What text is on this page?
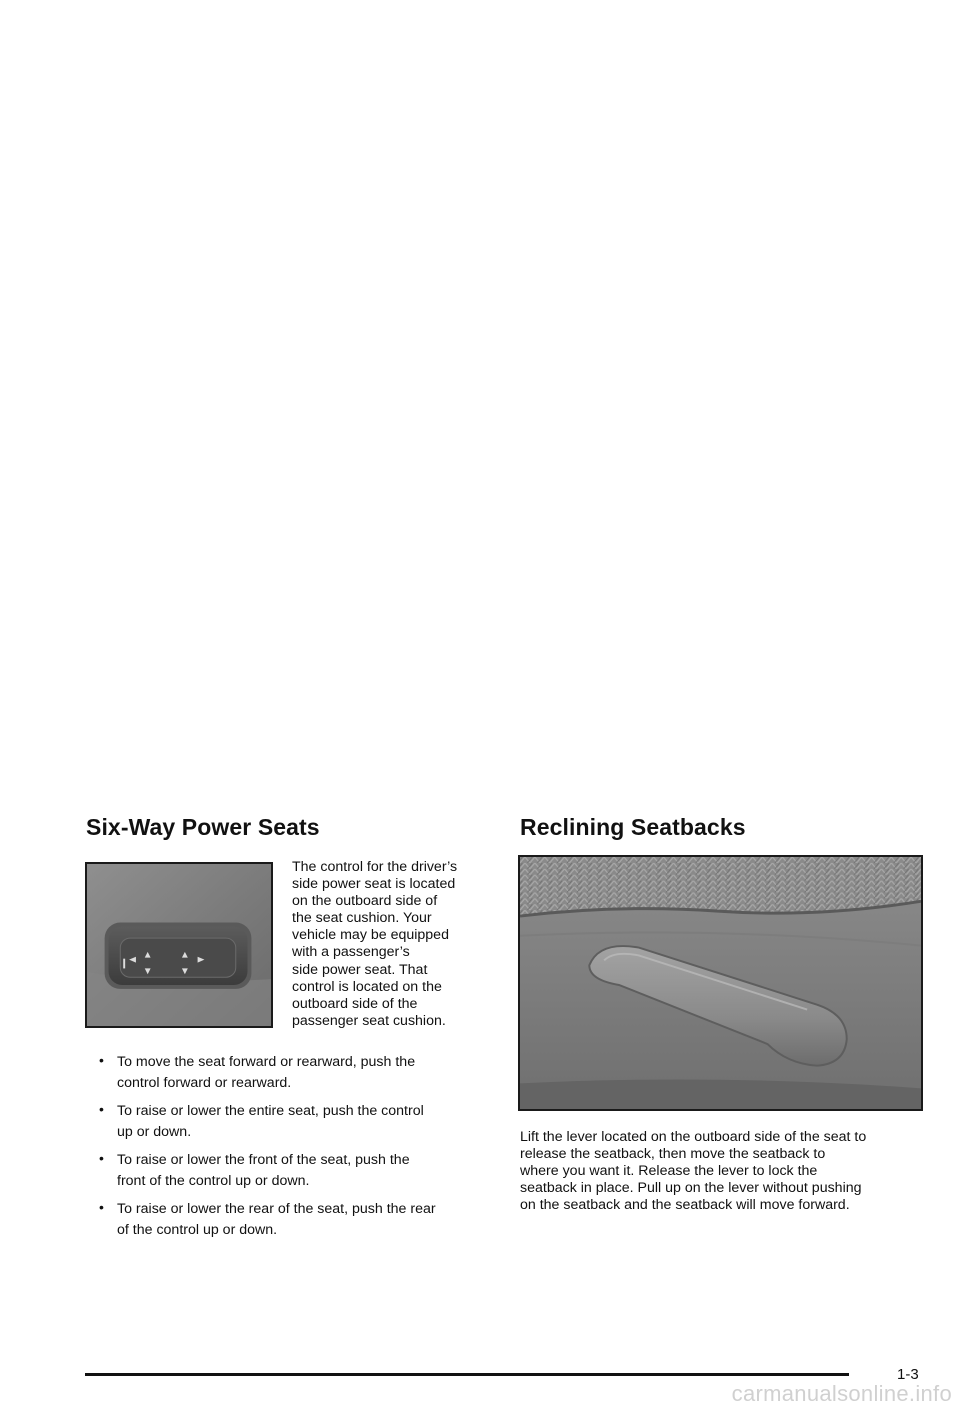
Six-Way Power Seats	Reclining Seatbacks

The control for the driver’s
side power seat is located
on the outboard side of
the seat cushion. Your
vehicle may be equipped
with a passenger’s
side power seat. That
control is located on the
outboard side of the
passenger seat cushion.

• To move the seat forward or rearward, push the
control forward or rearward.
• To raise or lower the entire seat, push the control
up or down.
• To raise or lower the front of the seat, push the
front of the control up or down.
• To raise or lower the rear of the seat, push the rear
of the control up or down.

Lift the lever located on the outboard side of the seat to
release the seatback, then move the seatback to
where you want it. Release the lever to lock the
seatback in place. Pull up on the lever without pushing
on the seatback and the seatback will move forward.

1-3
carmanualsonline.info
